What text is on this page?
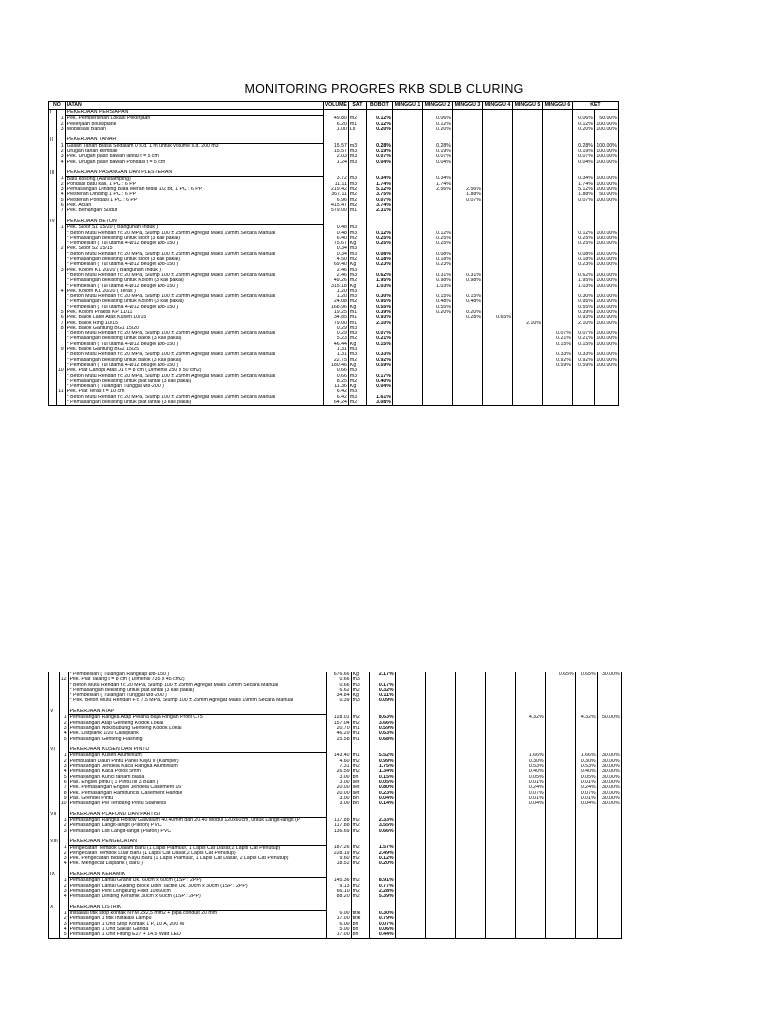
MONITORING PROGRES RKB SDLB CLURING
NO		IATAN	VOLUME	SAT	BOBOT	MINGGU 1	MINGGU 2	MINGGU 3	MINGGU 4	MINGGU 5	MINGGU 6	KET	
I		PEKERJAAN PERSIAPAN											
	1	Pek. Pembersihan Lokasi Pekerjaan	49.80	m2	0.12%		0.06%					0.06%	50.00%
	2	Pekerjaan bouwplank	6.20	m1	0.12%		0.12%					0.12%	100.00%
	3	Mobilisasi Bahan	1.00	Ls	0.20%		0.20%					0.20%	100.00%

II		PEKERJAAN TANAH											
	1	Galian Tanah Biasa Sedalam 0 s.d. 1 m untuk volume s.d. 200 m3	15.57	m3	0.28%		0.28%					0.28%	100.00%
	2	Urugan tanah kembali	15.57	m3	0.19%		0.19%					0.19%	100.00%
	3	Pek. Urugan pasir bawah lantai t = 5 cm	2.03	m3	0.07%		0.07%					0.07%	100.00%
	4	Pek. Urugan pasir bawah Pondasi t = 5 cm	1.24	m3	0.04%		0.04%					0.04%	100.00%

III		PEKERJAAN PASANGAN DAN PLESTERAN											
	1	Batu kosong (Aanstamping)	3.72	m3	0.34%		0.34%					0.34%	100.00%
	2	Pondasi batu kali, 1 PC : 6 PP	11.11	m3	1.74%		1.74%					1.74%	100.00%
	3	Pemasangan Dinding Bata Merah tebal 1/2 Bt, 1 PC : 6 PP	219.42	m2	5.12%		2.56%	2.56%				5.12%	100.00%
	4	Plesteran Dinding 1 PC : 6 PP	367.11	m2	3.75%			1.88%				1.88%	50.00%
	5	Plesteran Pondasi 1 PC : 6 PP	6.96	m2	0.07%			0.07%				0.07%	100.00%
	6	Pek. Acian	415.47	m2	3.74%								
	7	Pek. Benangan Sudut	579.00	m1	2.31%								

IV		PEKERJAAN BETON											
	1	Pek. Sloof S1 15/20 ( Bangunan Induk )	0.48	m3									
		* Beton Mutu Rendah f'c 20 MPa, Slump 100 ± 25mm Agregat Maks 19mm Secara Manual	0.48	m3	0.12%		0.12%					0.12%	100.00%
		* Pemasangan bekisting untuk sloof (3 kali pakai)	6.40	m2	0.25%		0.25%					0.25%	100.00%
		* Pembesian ( Tul utama 4-Ø12 beugel Ø8-150 )	75.67	Kg	0.25%		0.25%					0.25%	100.00%
	2	Pek. Sloof S2 15/15	0.34	m3									
		* Beton Mutu Rendah f'c 20 MPa, Slump 100 ± 25mm Agregat Maks 19mm Secara Manual	0.34	m3	0.08%		0.08%					0.08%	100.00%
		* Pemasangan bekisting untuk sloof (3 kali pakai)	4.50	m2	0.18%		0.18%					0.18%	100.00%
		* Pembesian ( Tul utama 4-Ø12 beugel Ø8-150 )	69.40	Kg	0.23%		0.23%					0.23%	100.00%
	3	Pek. Kolom K1 20/20 ( Bangunan Induk )	2.46	m3									
		* Beton Mutu Rendah f'c 20 MPa, Slump 100 ± 25mm Agregat Maks 19mm Secara Manual	2.46	m3	0.62%		0.31%	0.31%				0.62%	100.00%
		* Pemasangan bekisting untuk Kolom (3 kali pakai)	49.26	m2	1.95%		0.98%	0.98%				1.95%	100.00%
		* Pembesian ( Tul utama 4-Ø12 beugel Ø8-150 )	315.18	Kg	1.03%		1.03%					1.03%	100.00%
	4	Pek. Kolom K1 20/20 ( Teras )	1.20	m3									
		* Beton Mutu Rendah f'c 20 MPa, Slump 100 ± 25mm Agregat Maks 19mm Secara Manual	1.20	m3	0.30%		0.15%	0.15%				0.30%	100.00%
		* Pemasangan bekisting untuk Kolom (3 kali pakai)	24.08	m2	0.95%		0.48%	0.48%				0.95%	100.00%
		* Pembesian ( Tul utama 4-Ø12 beugel Ø8-150 )	168.96	Kg	0.55%		0.55%					0.55%	100.00%
	5	Pek. Kolom Praktis KP 11/11	19.25	m1	0.39%		0.20%	0.20%				0.39%	100.00%
	6	Pek. Balok Latei Atas Kusen 10/15	34.85	m1	0.93%			0.28%	0.65%			0.93%	100.00%
	7	Pek. Balok Ring 10/15	79.00	m1	2.10%					2.10%		2.10%	100.00%
	8	Pek. Balok Gantung BG1 15/20	0.29	m3									
		* Beton Mutu Rendah f'c 20 MPa, Slump 100 ± 25mm Agregat Maks 19mm Secara Manual	0.29	m3	0.07%						0.07%	0.07%	100.00%
		* Pemasangan bekisting untuk balok (3 kali pakai)	5.23	m2	0.21%						0.21%	0.21%	100.00%
		* Pembesian ( Tul utama 4-Ø12 beugel Ø8-150 )	46.44	Kg	0.15%						0.15%	0.15%	100.00%
	9	Pek. Balok Gantung BG2 15/25	1.31	m3									
		* Beton Mutu Rendah f'c 20 MPa, Slump 100 ± 25mm Agregat Maks 19mm Secara Manual	1.31	m3	0.33%						0.33%	0.33%	100.00%
		* Pemasangan bekisting untuk balok (3 kali pakai)	22.75	m2	0.92%						0.92%	0.92%	100.00%
		* Pembesian ( Tul utama 4-Ø12 beugel Ø8-150 )	180.46	Kg	0.59%						0.59%	0.59%	100.00%
	10	Pek. Plat Canopi Atas J1 t = 8 cm ( Dimensi 250 x 50 cm2)	0.66	m3									
		* Beton Mutu Rendah f'c 20 MPa, Slump 100 ± 25mm Agregat Maks 19mm Secara Manual	0.66	m3	0.17%								
		* Pemasangan bekisting untuk plat lantai (3 kali pakai)	8.25	m2	0.40%								
		* Pembesian ( Tulangan Tunggal Ø8-200 )	11.36	Kg	0.04%								
	11	Pek. Plat Teras t = 10 cm	6.42	m3									
		* Beton Mutu Rendah f'c 20 MPa, Slump 100 ± 25mm Agregat Maks 19mm Secara Manual	6.42	m3	1.61%								
		* Pemasangan bekisting untuk plat lantai (3 kali pakai)	64.24	m2	3.08%								
		* Pembesian ( Tulangan Rangkap Ø8-150 )	676.66	Kg	2.17%						0.65%	0.65%	30.00%
	12	Pek. Plat Talang t = 8 cm ( Dimensi 735 x 45 cm2)	0.66	m3									
		* Beton Mutu Rendah f'c 20 MPa, Slump 100 ± 25mm Agregat Maks 19mm Secara Manual	0.66	m3	0.17%								
		* Pemasangan bekisting untuk plat lantai (3 kali pakai)	6.62	m2	0.32%								
		* Pembesian ( Tulangan Tunggal Ø8-200 )	34.84	Kg	0.11%								
		* Pek. Beton Mutu Rendah F'c 7.5 MPa, Slump 100 ± 25mm Agregat Maks 19mm Secara Manual	0.39	m3	0.09%								

V		PEKERJAAN ATAP											
	1	Pemasangan Rangka Atap Pelana Baja Ringan Profil C75	128.01	m2	8.63%					4.32%		4.32%	50.00%
	2	Pemasangan Atap Genteng Kodok Lokal	157.04	m2	3.66%								
	3	Pemasangan Nok/Bubung Genteng Kodok Lokal	20.70	m1	0.59%								
	4	Pek. Listplank 1/20 Calsiplank	46.29	m1	0.63%								
	5	Pemasangan Genteng Flashing	25.58	m1	0.68%								

VI		PEKERJAAN KUSEN DAN PINTU											
	1	Pemasangan Kusen Aluminium	143.40	m1	5.52%					1.66%		1.66%	30.00%
	2	Pembuatan Daun Pintu Panel Kayu II (Kamper)	4.60	m2	0.99%					0.30%		0.30%	30.00%
	3	Pemasangan Jendela Kaca Rangka Aluminium	7.31	m2	1.75%					0.53%		0.53%	30.00%
	4	Pemasangan Kaca Polos 5mm	26.59	m2	1.34%					0.40%		0.40%	30.00%
	5	Pemasangan Kunci tanam biasa	3.00	bh	0.15%					0.05%		0.05%	30.00%
	6	Pas. Engsel pintu ( 1 Pintu Isi 3 Buah )	3.00	set	0.05%					0.01%		0.01%	30.00%
	7	Pek. Pemasangan Engsel Jendela Casement 16"	20.00	set	0.80%					0.24%		0.24%	30.00%
	8	Pek. Pemasangan Rambuncis Casement Handle	20.00	set	0.23%					0.07%		0.07%	30.00%
	9	Pas. Grendel Pintu	3.00	Bh	0.04%					0.01%		0.01%	30.00%
	10	Pemasangan Pel Tendang Pintu Stainless	3.00	Bh	0.14%					0.04%		0.04%	30.00%

VII		PEKERJAAN PLAFOND DAN PARTISI											
	1	Pemasangan Rangka Hollow Galvalum 40.40mm dan 20.40 Modul 120x60cm, untuk Langit-langit (P	117.88	m2	2.33%								
	2	Pemasangan Langit-langit (Plafon) PVC	117.88	m2	3.55%								
	3	Pemasangan List Langit-langit (Plafon) PVC	136.69	m2	0.66%								

VIII		PEKERJAAN PENGECATAN											
	1	Pengecatan Tembok Dalam Baru (1 Lapis Plamuur, 1 Lapis Cat Dasar,2 Lapis Cat Penutup)	187.26	m2	1.57%								
	2	Pengecatan Tembok Luar Baru (1 Lapis Cat Dasar,2 Lapis Cat Penutup)	228.19	m2	2.49%								
	3	Pek. Pengecatan Bidang Kayu Baru (1 Lapis Plamuur, 1 Lapis Cat Dasar, 2 Lapis Cat Penutup)	9.60	m2	0.12%								
	4	Pek. Mengecat Lisplank ( baru )	18.52	m2	0.20%								

IX		PEKERJAAN KERAMIK											
	1	Pemasangan Lantai Granit Uk. 60cm x 60cm (1SP : 2PP)	145.36	m2	8.91%								
	2	Pemasangan Lantai Guiding Block Ubin Tactile Uk. 30cm x 30cm (1SP : 2PP)	9.13	m2	0.77%								
	3	Pemasangan Plint Lengkung Fillet 10x60cm	66.10	m2	2.28%								
	4	Pemasangan Dinding Keramik 30cm x 60cm (1SP : 2PP)	88.20	m2	5.39%								

X		PEKERJAAN LISTRIK											
	1	Instalasi titik stop kontak NYM 2x2,5 mm2 + pipa conduit 20 mm	6.00	titik	0.30%								
	2	Pemasangan 1 titik Instalasi Lampu	17.00	titik	0.79%								
	3	Pemasangan 1 Unit Stop Kontak 1 P, 10 A, 200 W	6.00	bh	0.07%								
	4	Pemasangan 1 Unit Saklar Ganda	5.00	bh	0.06%								
	5	Pemasangan 1 Unit Fitting E27 + 14.5 Watt LED	17.00	bh	0.44%								
